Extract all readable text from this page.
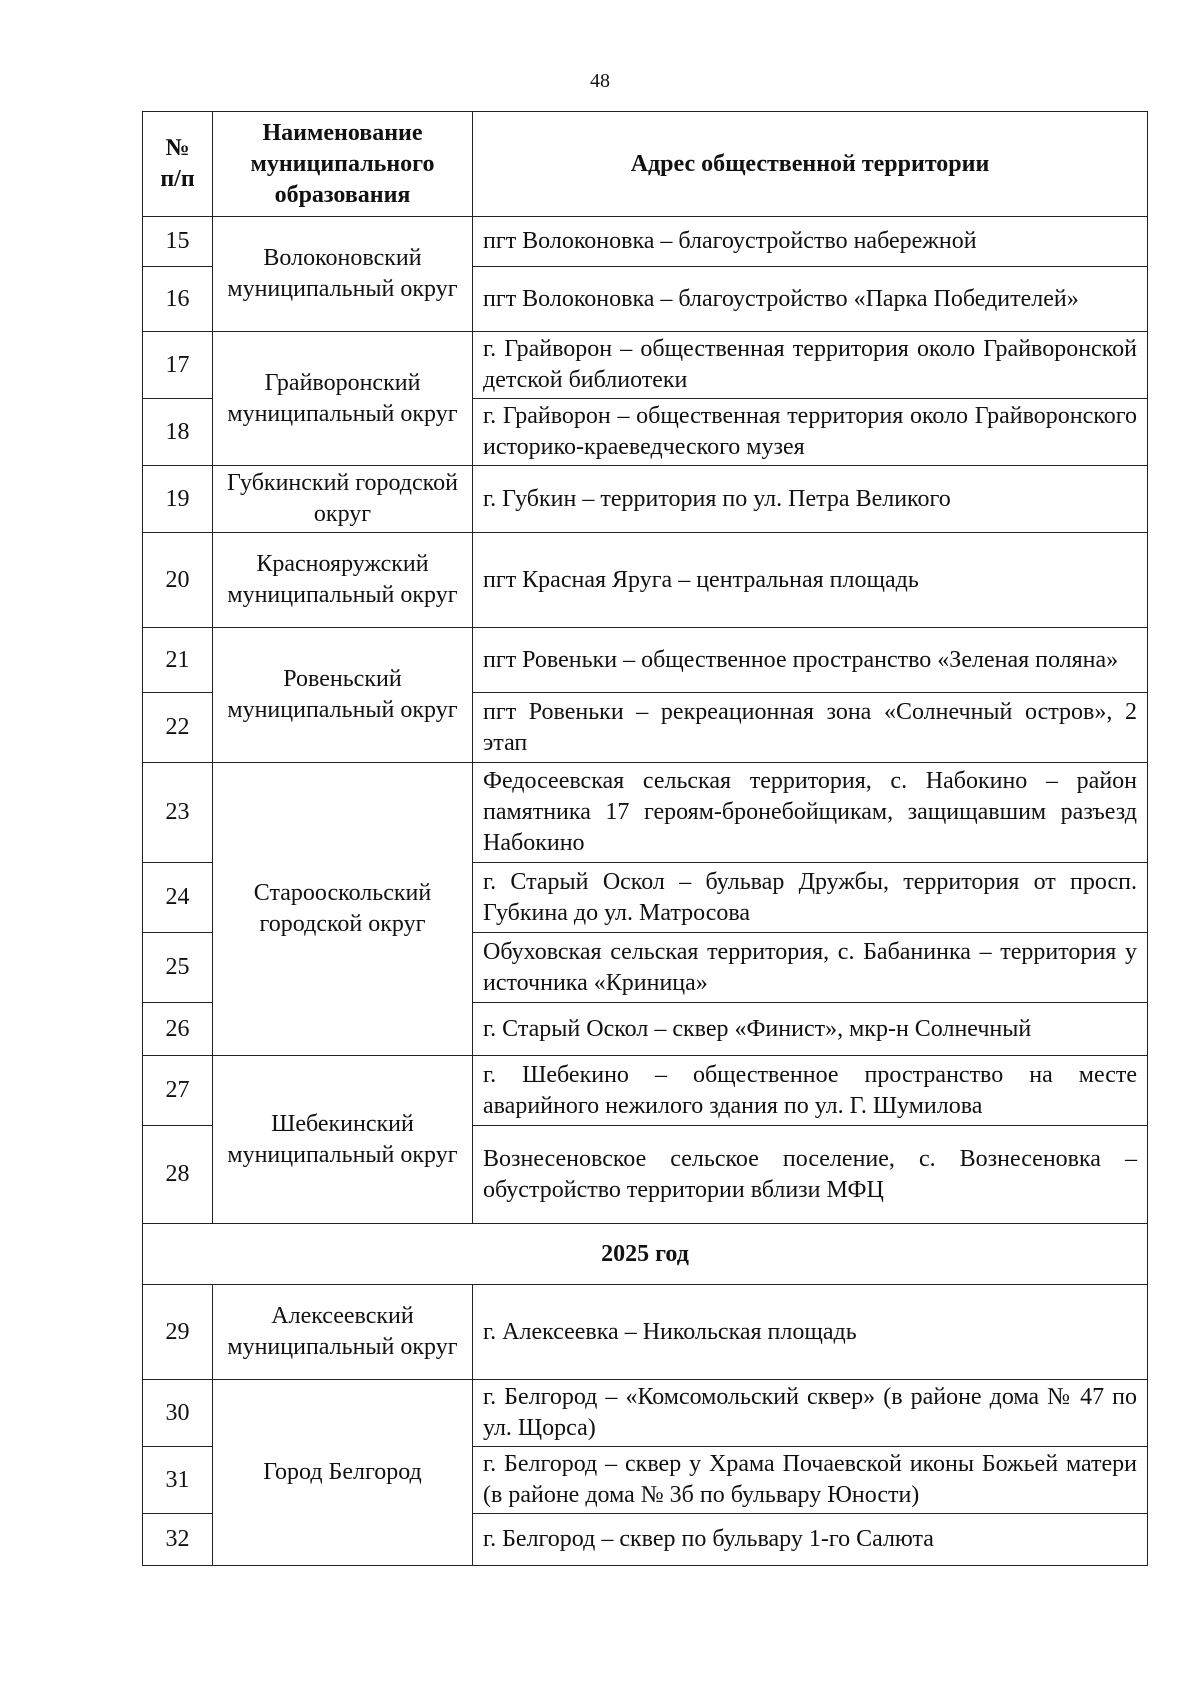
48
№ п/п	Наименование муниципального образования	Адрес общественной территории
15	Волоконовский муниципальный округ	пгт Волоконовка – благоустройство набережной
16		пгт Волоконовка – благоустройство «Парка Победителей»
17	Грайворонский муниципальный округ	г. Грайворон – общественная территория около Грайворонской детской библиотеки
18		г. Грайворон – общественная территория около Грайворонского историко-краеведческого музея
19	Губкинский городской округ	г. Губкин – территория по ул. Петра Великого
20	Краснояружский муниципальный округ	пгт Красная Яруга – центральная площадь
21	Ровеньский муниципальный округ	пгт Ровеньки – общественное пространство «Зеленая поляна»
22		пгт Ровеньки – рекреационная зона «Солнечный остров», 2 этап
23	Старооскольский городской округ	Федосеевская сельская территория, с. Набокино – район памятника 17 героям-бронебойщикам, защищавшим разъезд Набокино
24		г. Старый Оскол – бульвар Дружбы, территория от просп. Губкина до ул. Матросова
25		Обуховская сельская территория, с. Бабанинка – территория у источника «Криница»
26		г. Старый Оскол – сквер «Финист», мкр-н Солнечный
27	Шебекинский муниципальный округ	г. Шебекино – общественное пространство на месте аварийного нежилого здания по ул. Г. Шумилова
28		Вознесеновское сельское поселение, с. Вознесеновка – обустройство территории вблизи МФЦ
2025 год		
29	Алексеевский муниципальный округ	г. Алексеевка – Никольская площадь
30	Город Белгород	г. Белгород – «Комсомольский сквер» (в районе дома № 47 по ул. Щорса)
31		г. Белгород – сквер у Храма Почаевской иконы Божьей матери (в районе дома № 3б по бульвару Юности)
32		г. Белгород – сквер по бульвару 1-го Салюта
